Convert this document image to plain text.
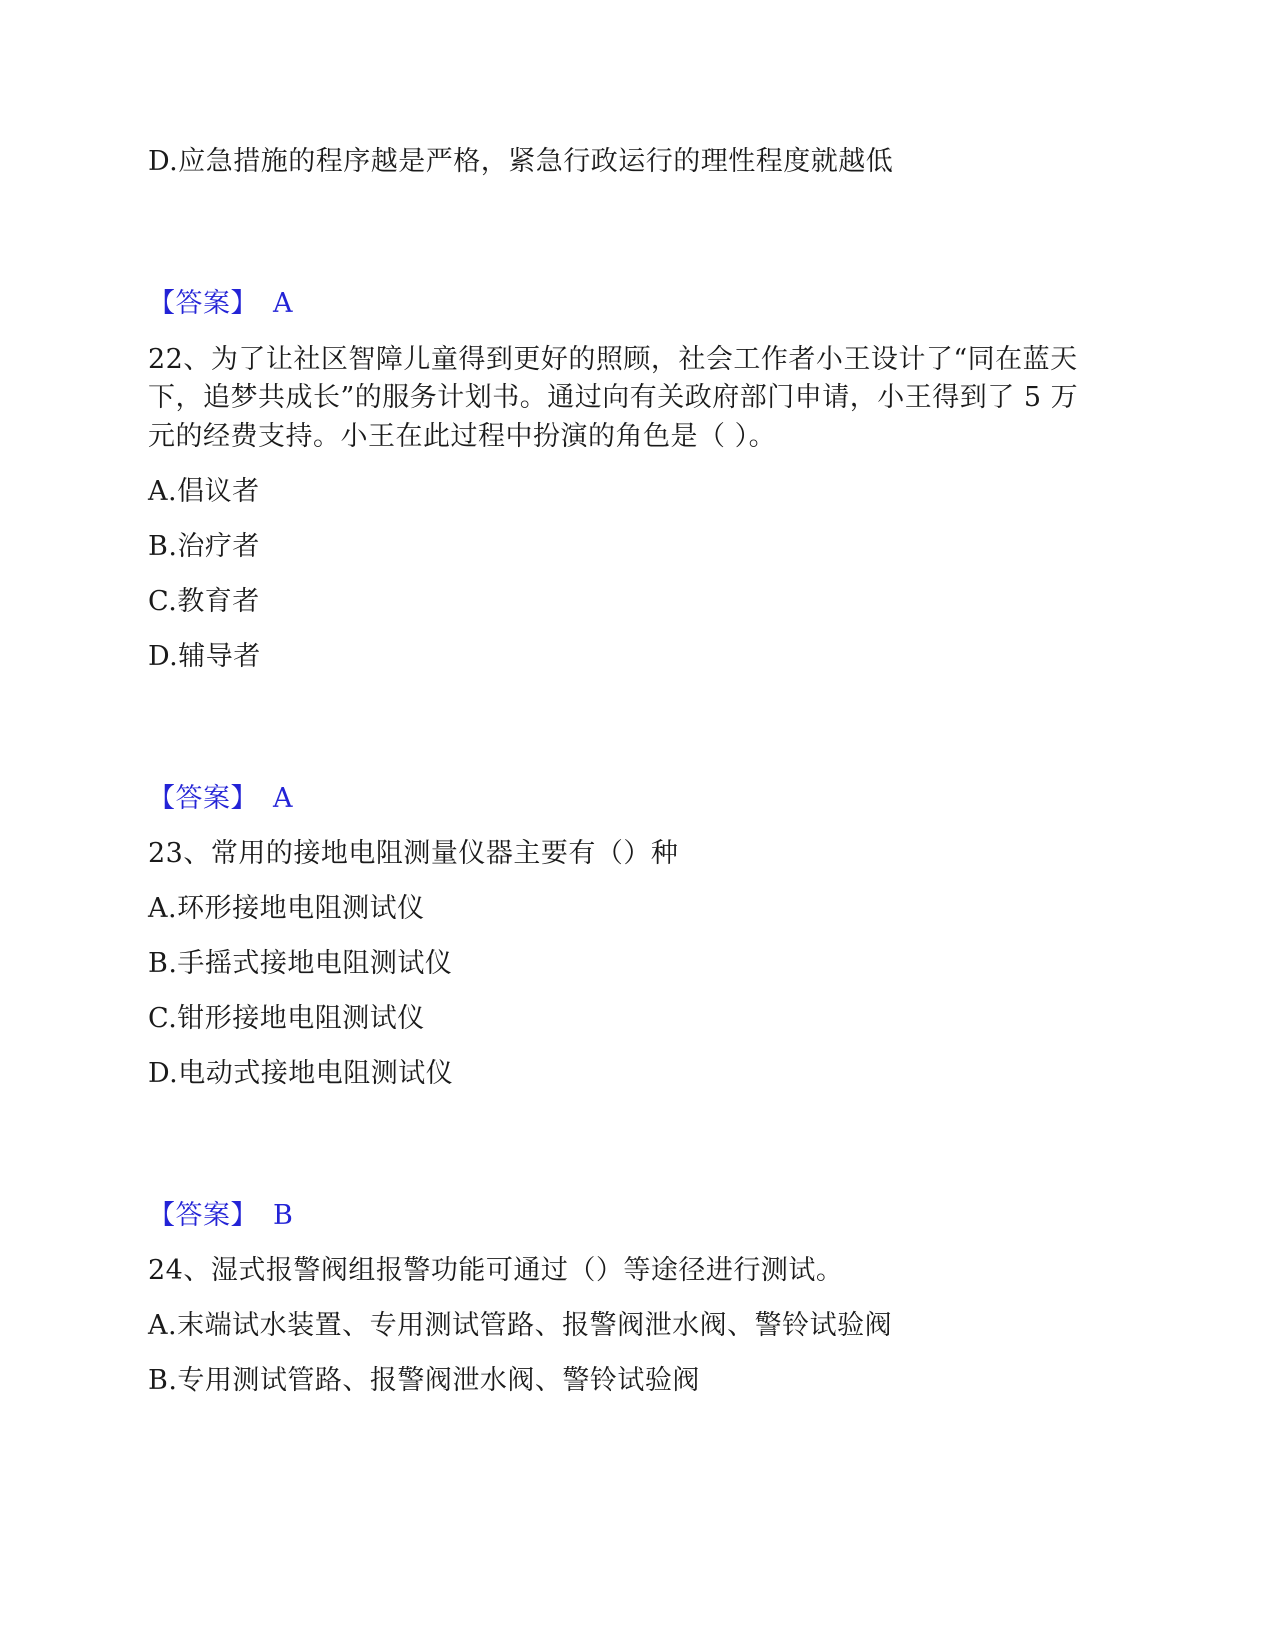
D.应急措施的程序越是严格，紧急行政运行的理性程度就越低
【答案】 A
22、为了让社区智障儿童得到更好的照顾，社会工作者小王设计了“同在蓝天
下，追梦共成长”的服务计划书。通过向有关政府部门申请，小王得到了 5 万
元的经费支持。小王在此过程中扮演的角色是（ ）。
A.倡议者
B.治疗者
C.教育者
D.辅导者
【答案】 A
23、常用的接地电阻测量仪器主要有（）种
A.环形接地电阻测试仪
B.手摇式接地电阻测试仪
C.钳形接地电阻测试仪
D.电动式接地电阻测试仪
【答案】 B
24、湿式报警阀组报警功能可通过（）等途径进行测试。
A.末端试水装置、专用测试管路、报警阀泄水阀、警铃试验阀
B.专用测试管路、报警阀泄水阀、警铃试验阀
